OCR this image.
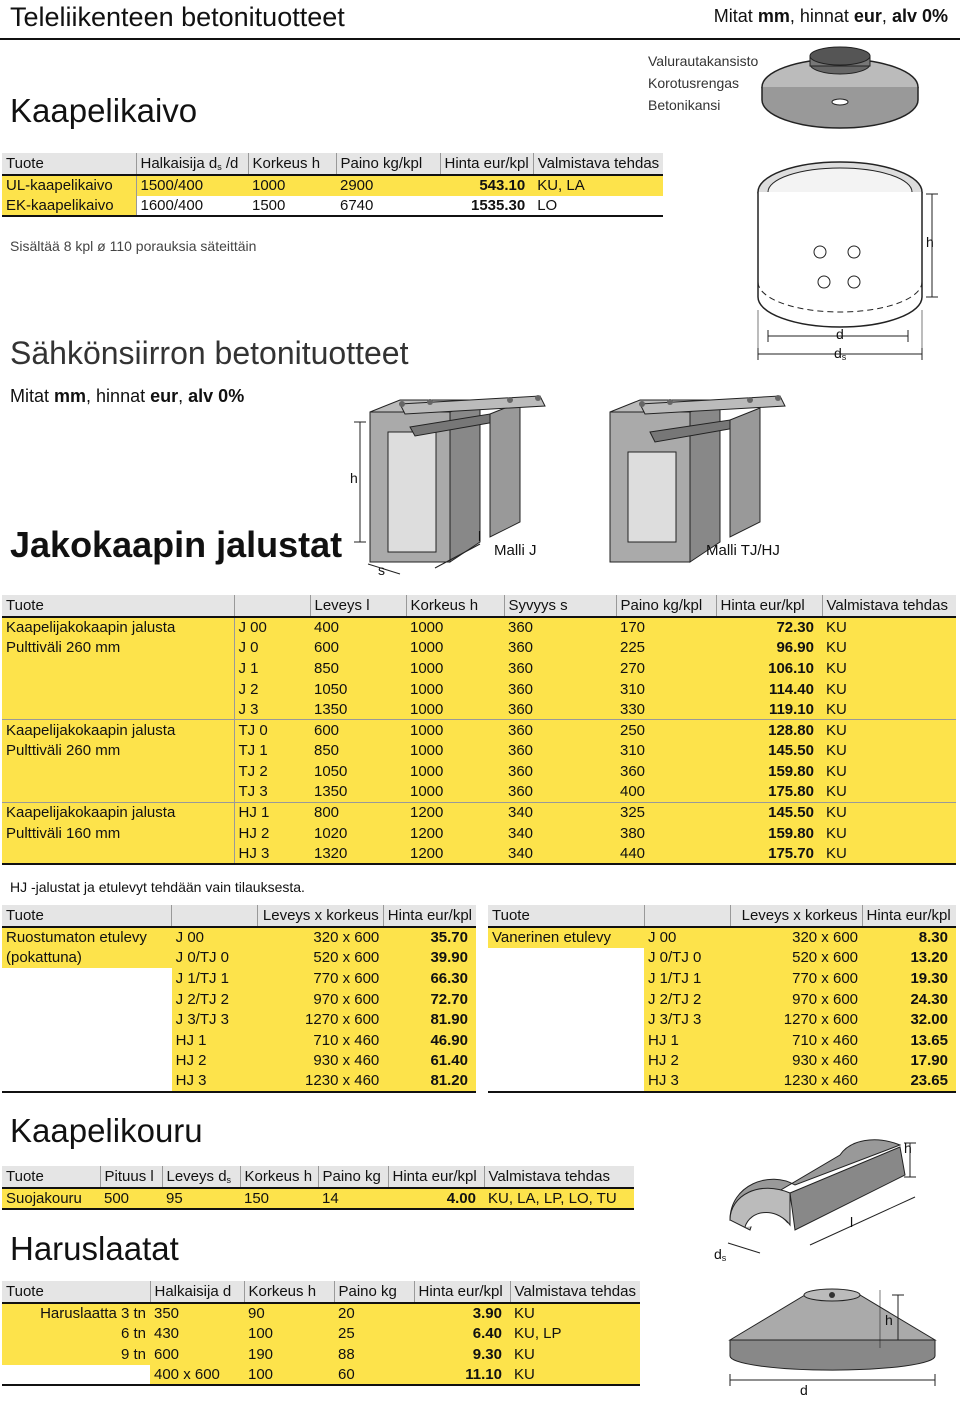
Teleliikenteen betonituotteet	Mitat mm, hinnat eur, alv 0%
Kaapelikaivo
Valurautakansisto
Korotusrengas
Betonikansi
Tuote	Halkaisija $d_s$ /d	Korkeus h	Paino kg/kpl	Hinta eur/kpl	Valmistava tehdas
UL-kaapelikaivo	1500/400	1000	2900	543.10	KU, LA
EK-kaapelikaivo	1600/400	1500	6740	1535.30	LO
Sisältää 8 kpl ø 110 porauksia säteittäin	h
d
$d_s$
Sähkönsiirron betonituotteet
Mitat mm, hinnat eur, alv 0%
Jakokaapin jalustat
h
l
s
Malli J	Malli TJ/HJ
Tuote		Leveys l	Korkeus h	Syvyys s	Paino kg/kpl	Hinta eur/kpl	Valmistava tehdas
Kaapelijakokaapin jalusta	J 00	400	1000	360	170	72.30	KU
Pulttiväli 260 mm	J 0	600	1000	360	225	96.90	KU
	J 1	850	1000	360	270	106.10	KU
	J 2	1050	1000	360	310	114.40	KU
	J 3	1350	1000	360	330	119.10	KU
Kaapelijakokaapin jalusta	TJ 0	600	1000	360	250	128.80	KU
Pulttiväli 260 mm	TJ 1	850	1000	360	310	145.50	KU
	TJ 2	1050	1000	360	360	159.80	KU
	TJ 3	1350	1000	360	400	175.80	KU
Kaapelijakokaapin jalusta	HJ 1	800	1200	340	325	145.50	KU
Pulttiväli 160 mm	HJ 2	1020	1200	340	380	159.80	KU
	HJ 3	1320	1200	340	440	175.70	KU
HJ -jalustat ja etulevyt tehdään vain tilauksesta.
Tuote		Leveys x korkeus	Hinta eur/kpl
Ruostumaton etulevy	J 00	320 x 600	35.70
(pokattuna)	J 0/TJ 0	520 x 600	39.90
	J 1/TJ 1	770 x 600	66.30
	J 2/TJ 2	970 x 600	72.70
	J 3/TJ 3	1270 x 600	81.90
	HJ 1	710 x 460	46.90
	HJ 2	930 x 460	61.40
	HJ 3	1230 x 460	81.20
Tuote		Leveys x korkeus	Hinta eur/kpl
Vanerinen etulevy	J 00	320 x 600	8.30
	J 0/TJ 0	520 x 600	13.20
	J 1/TJ 1	770 x 600	19.30
	J 2/TJ 2	970 x 600	24.30
	J 3/TJ 3	1270 x 600	32.00
	HJ 1	710 x 460	13.65
	HJ 2	930 x 460	17.90
	HJ 3	1230 x 460	23.65
Kaapelikouru
Tuote	Pituus l	Leveys $d_s$	Korkeus h	Paino kg	Hinta eur/kpl	Valmistava tehdas
Suojakouru	500	95	150	14	4.00	KU, LA, LP, LO, TU
h
l
$d_s$
Haruslaatat
Tuote	Halkaisija d	Korkeus h	Paino kg	Hinta eur/kpl	Valmistava tehdas
Haruslaatta 3 tn	350	90	20	3.90	KU
6 tn	430	100	25	6.40	KU, LP
9 tn	600	190	88	9.30	KU
	400 x 600	100	60	11.10	KU
h
d
